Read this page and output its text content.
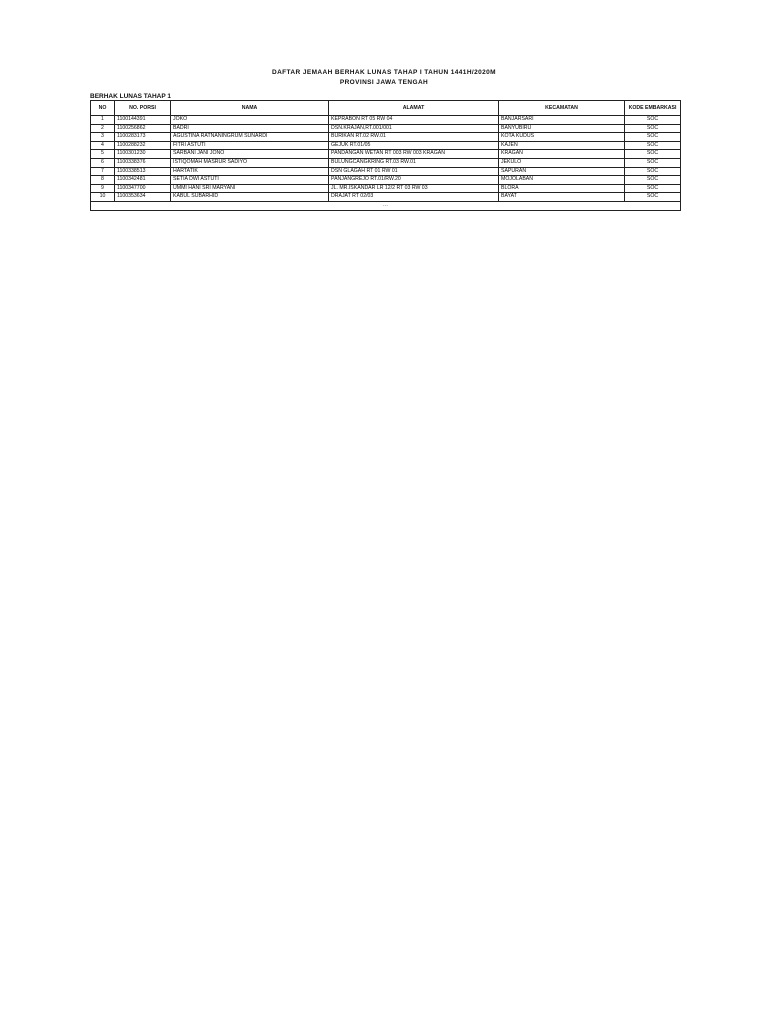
DAFTAR JEMAAH BERHAK LUNAS TAHAP I TAHUN 1441H/2020M
PROVINSI JAWA TENGAH
BERHAK LUNAS TAHAP 1
NO	NO. PORSI	NAMA	ALAMAT	KECAMATAN	KODE EMBARKASI
1	1100144391	JOKO	KEPRABON RT 05 RW 04	BANJARSARI	SOC
2	1100256862	BADRI	DSN.KRAJAN,RT.001/001	BANYUBIRU	SOC
3	1100283173	AGUSTINA RATNANINGRUM SUNARDI	BURIKAN RT.02 RW.01	KOTA KUDUS	SOC
4	1100288232	FITRI ASTUTI	GEJUK RT.01/05	KAJEN	SOC
5	1100301230	SARBANI JANI JONO	PANDANGAN WETAN RT 003 RW 003 KRAGAN	KRAGAN	SOC
6	1100338376	ISTIQOMAH MASRUR SADIYO	BULUNGCANGKRING RT.03 RW.01	JEKULO	SOC
7	1100338513	HARTATIK	DSN GLAGAH RT 01 RW 01	SAPURAN	SOC
8	1100342481	SETIA DWI ASTUTI	PANJANGREJO RT.01/RW.20	MOJOLABAN	SOC
9	1100347700	UMMI HANI SRI MARYANI	JL. MR.ISKANDAR LR 12/2 RT 03 RW 03	BLORA	SOC
10	1100353634	KABUL SUBARHID	DRAJAT RT 02/03	BAYAT	SOC
…					
